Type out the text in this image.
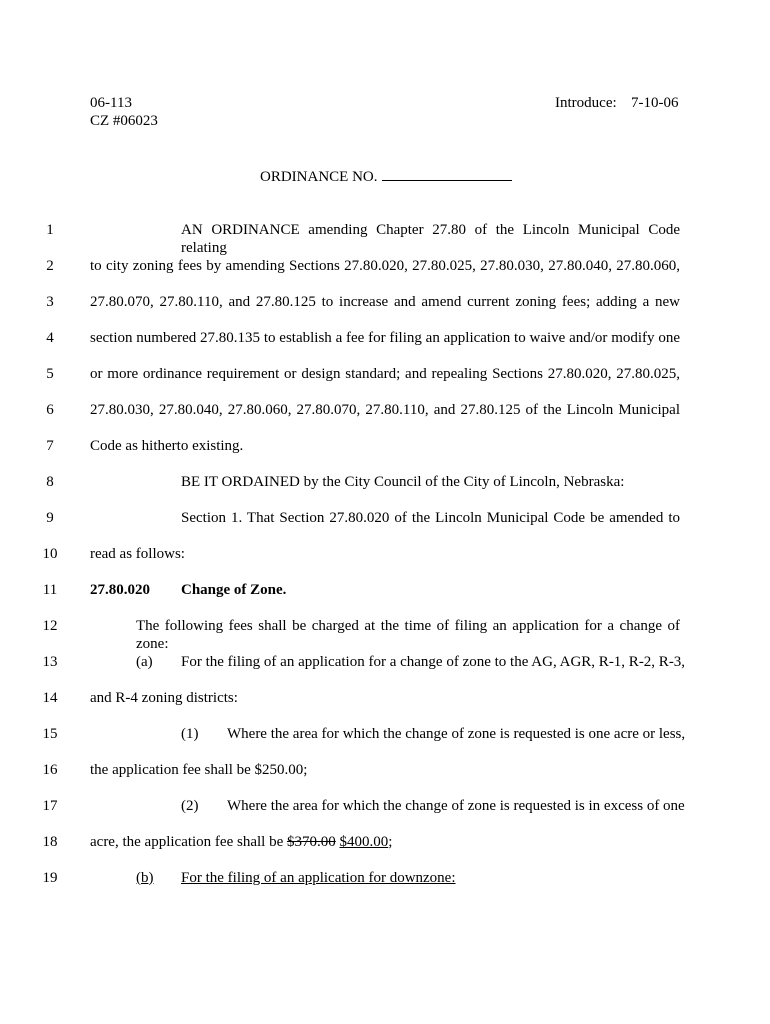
06-113
CZ #06023
Introduce: 7-10-06
ORDINANCE NO.
1
2
3
4
5
6
7
8
9
10
11
12
13
14
15
16
17
18
19
AN ORDINANCE amending Chapter 27.80 of the Lincoln Municipal Code relating
to city zoning fees by amending Sections 27.80.020, 27.80.025, 27.80.030, 27.80.040, 27.80.060,
27.80.070, 27.80.110, and 27.80.125 to increase and amend current zoning fees; adding a new
section numbered 27.80.135 to establish a fee for filing an application to waive and/or modify one
or more ordinance requirement or design standard; and repealing Sections 27.80.020, 27.80.025,
27.80.030, 27.80.040, 27.80.060, 27.80.070, 27.80.110, and 27.80.125 of the Lincoln Municipal
Code as hitherto existing.
BE IT ORDAINED by the City Council of the City of Lincoln, Nebraska:
Section 1. That Section 27.80.020 of the Lincoln Municipal Code be amended to
read as follows:
27.80.020 Change of Zone.
The following fees shall be charged at the time of filing an application for a change of zone:
(a) For the filing of an application for a change of zone to the AG, AGR, R-1, R-2, R-3,
and R-4 zoning districts:
(1) Where the area for which the change of zone is requested is one acre or less,
the application fee shall be $250.00;
(2) Where the area for which the change of zone is requested is in excess of one
acre, the application fee shall be $370.00 $400.00;
(b) For the filing of an application for downzone:
